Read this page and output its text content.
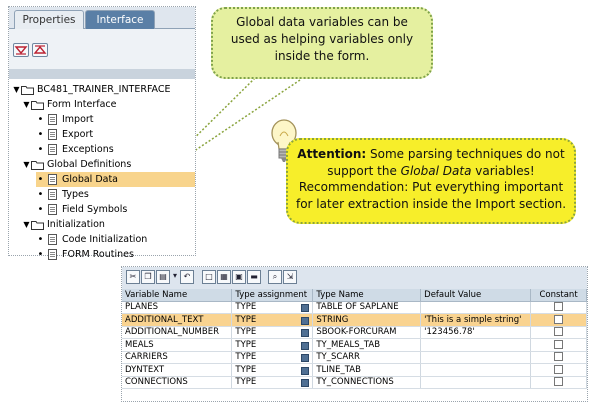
Properties	Interface
▼ BC481_TRAINER_INTERFACE
▼ Form Interface
• Import
• Export
• Exceptions
▼ Global Definitions
• Global Data
• Types
• Field Symbols
▼ Initialization
• Code Initialization
• FORM Routines
Global data variables can be used as helping variables only inside the form.
Attention: Some parsing techniques do not support the Global Data variables!
Recommendation: Put everything important for later extraction inside the Import section.
✂	❐ ▤ ▾ ↶	□ ▦ ▣ ▬	⌕	⇲
Variable Name	Type assignment	Type Name	Default Value	Constant
PLANES	TYPE	TABLE OF SAPLANE		
ADDITIONAL_TEXT	TYPE	STRING	'This is a simple string'	
ADDITIONAL_NUMBER	TYPE	SBOOK-FORCURAM	'123456.78'	
MEALS	TYPE	TY_MEALS_TAB		
CARRIERS	TYPE	TY_SCARR		
DYNTEXT	TYPE	TLINE_TAB		
CONNECTIONS	TYPE	TY_CONNECTIONS		
